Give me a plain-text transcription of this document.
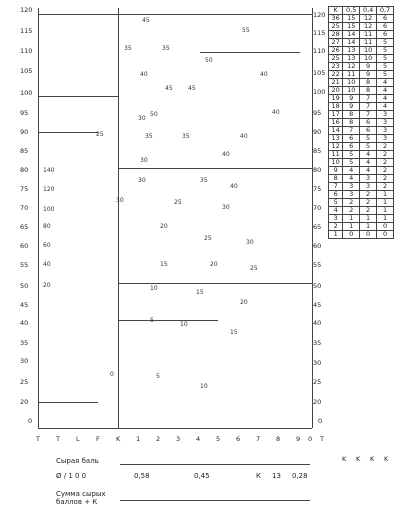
120
115
110
105
100
95
90
85
80
75
70
65
60
55
50
45
40
35
30
25
20
0
140
120
100
80
60
40
20
120
115
110
105
100
95
90
85
80
75
70
65
60
55
50
45
40
35
30
25
20
0
K	0,5	0,4	0,7
36	15	12	6
25	15	12	6
28	14	11	6
27	14	11	5
26	13	10	5
25	13	10	5
23	12	9	5
22	11	9	5
21	10	8	4
20	10	8	4
19	9	7	4
18	9	7	4
17	8	7	3
16	8	6	3
14	7	6	3
13	6	5	3
12	6	5	2
11	5	4	2
10	5	4	2
9	4	4	2
8	4	3	2
7	3	3	2
6	3	2	1
5	2	2	1
4	2	2	1
3	1	1	1
2	1	1	0
1	0	0	0
45
35
40
50
55
35
40
45
50
30
40
35	40
45
30
35
40
25
30	35
40
30	25
30
20
25
30
15	20
25
10
15
20
5
10
15
0	5
10
T T L	F	K 1 2 3 4 5 6 7 8 9 0 T
K K K K
Сырая баль
Ø / 1 0 0	0,58	0,45	К 13 0,28
Сумма сырых баллов + К
